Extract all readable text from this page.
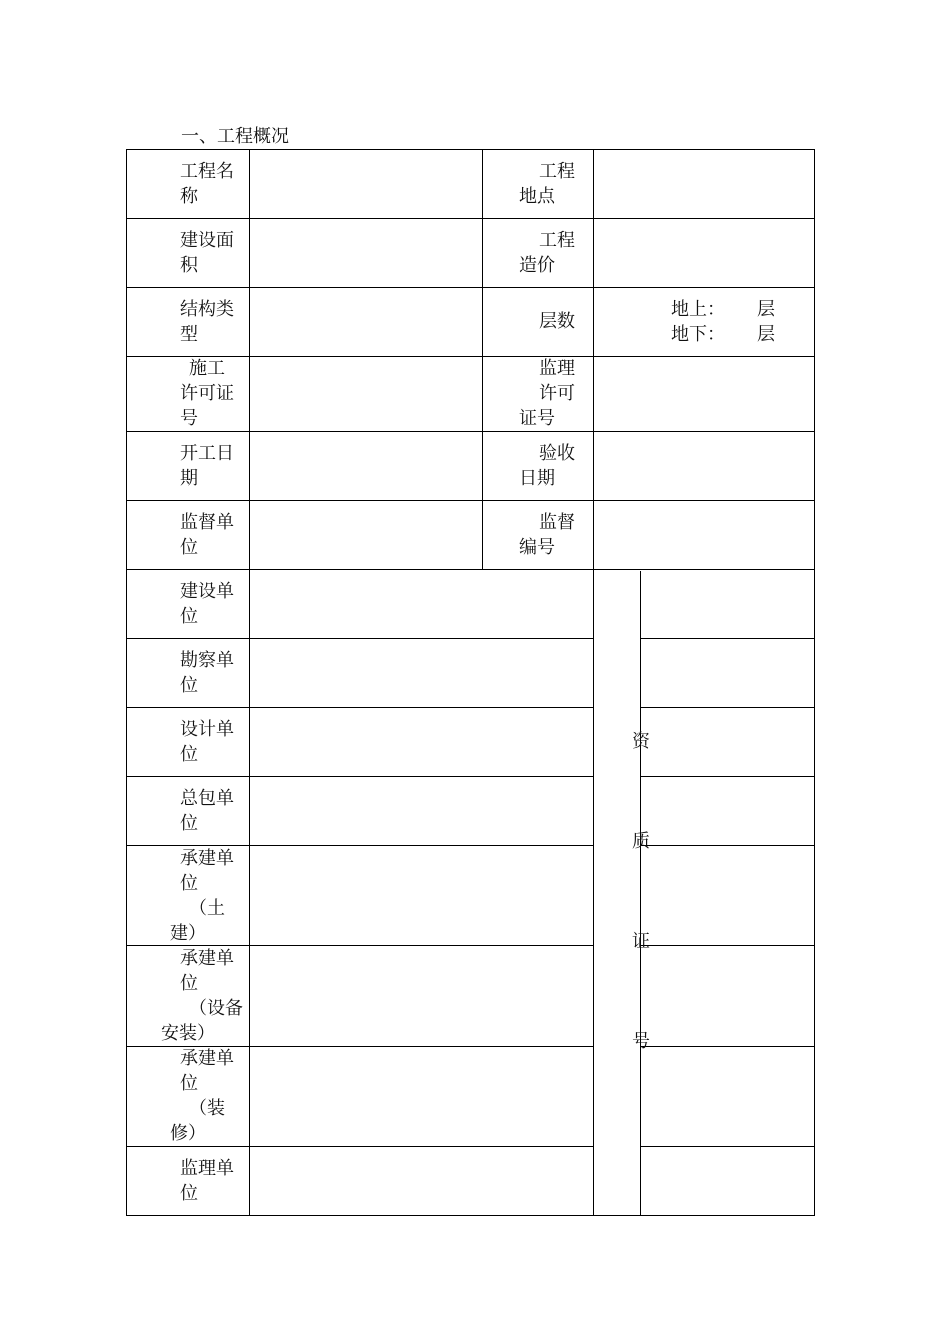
一、工程概况
工程名
称
工程
地点
建设面
积
工程
造价
结构类
型
层数
地上： 层
地下： 层
施工
许可证
号
监理
许可
证号
开工日
期
验收
日期
监督单
位
监督
编号
建设单
位
勘察单
位
设计单
位
总包单
位
承建单
位
（土
建）
承建单
位
（设备
安装）
承建单
位
（装
修）
监理单
位
资
质
证
号
